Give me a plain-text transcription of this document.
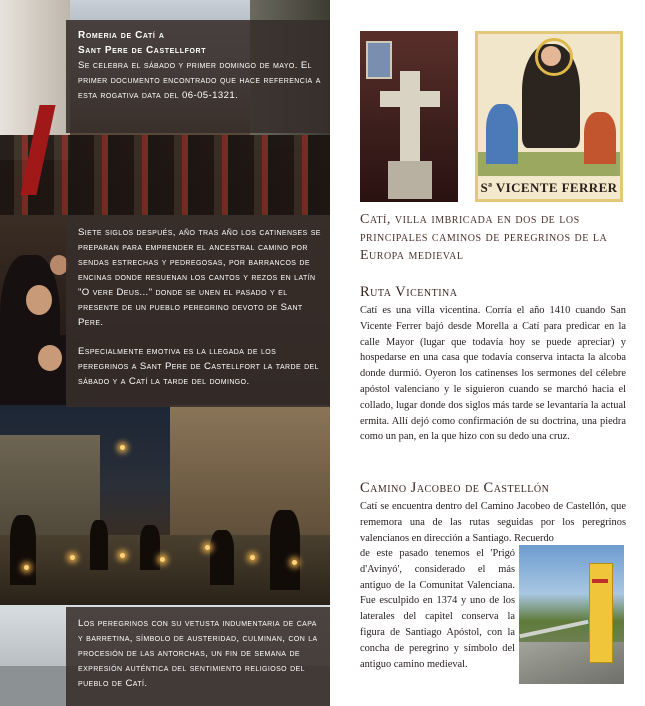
Romeria de Catí a
Sant Pere de Castellfort
Se celebra el sábado y primer domingo de mayo. El primer documento encontrado que hace referencia a esta rogativa data del 06-05-1321.

Siete siglos después, año tras año los catinenses se preparan para emprender el ancestral camino por sendas estrechas y pedregosas, por barrancos de encinas donde resuenan los cantos y rezos en latín "O vere Deus..." donde se unen el pasado y el presente de un pueblo peregrino devoto de Sant Pere.

Especialmente emotiva es la llegada de los peregrinos a Sant Pere de Castellfort la tarde del sábado y a Catí la tarde del domingo.

Los peregrinos con su vetusta indumentaria de capa y barretina, símbolo de austeridad, culminan, con la procesión de las antorchas, un fin de semana de expresión auténtica del sentimiento religioso del pueblo de Catí.

Sª VICENTE FERRER
Catí, villa imbricada en dos de los principales caminos de peregrinos de la Europa medieval
Ruta Vicentina
Catí es una villa vicentina. Corría el año 1410 cuando San Vicente Ferrer bajó desde Morella a Catí para predicar en la calle Mayor (lugar que todavía hoy se puede apreciar) y hospedarse en una casa que todavía conserva intacta la alcoba donde durmió. Oyeron los catinenses los sermones del célebre apóstol valenciano y le siguieron cuando se marchó hacia el collado, lugar donde dos siglos más tarde se levantaría la actual ermita. Allí dejó como confirmación de su doctrina, una piedra como un pan, en la que hizo con su dedo una cruz.
Camino Jacobeo de Castellón
Catí se encuentra dentro del Camino Jacobeo de Castellón, que rememora una de las rutas seguidas por los peregrinos valencianos en dirección a Santiago. Recuerdo
de este pasado tenemos el 'Prigó d'Avinyó', considerado el más antiguo de la Comunitat Valenciana. Fue esculpido en 1374 y uno de los laterales del capitel conserva la figura de Santiago Apóstol, con la concha de peregrino y símbolo del antiguo camino medieval.
